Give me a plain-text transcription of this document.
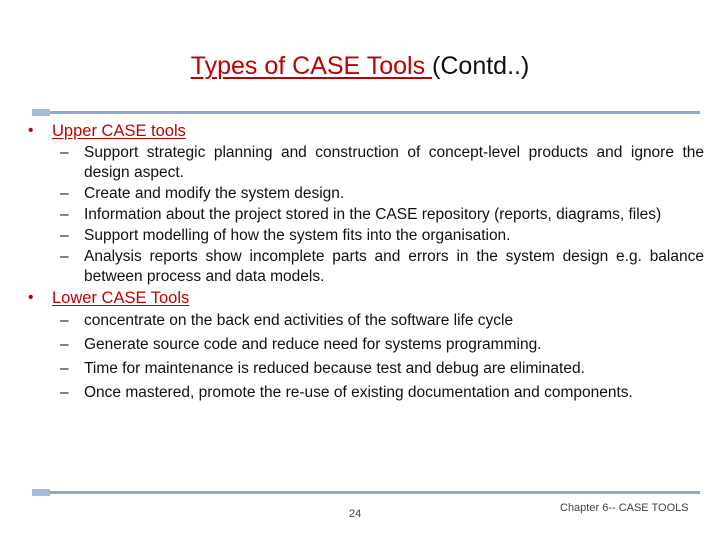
Types of CASE Tools (Contd..)
• Upper CASE tools
– Support strategic planning and construction of concept-level products and ignore the design aspect.
– Create and modify the system design.
– Information about the project stored in the CASE repository (reports, diagrams, files)
– Support modelling of how the system fits into the organisation.
– Analysis reports show incomplete parts and errors in the system design e.g. balance between process and data models.
• Lower CASE Tools
– concentrate on the back end activities of the software life cycle
– Generate source code and reduce need for systems programming.
– Time for maintenance is reduced because test and debug are eliminated.
– Once mastered, promote the re-use of existing documentation and components.
24	Chapter 6-- CASE TOOLS
